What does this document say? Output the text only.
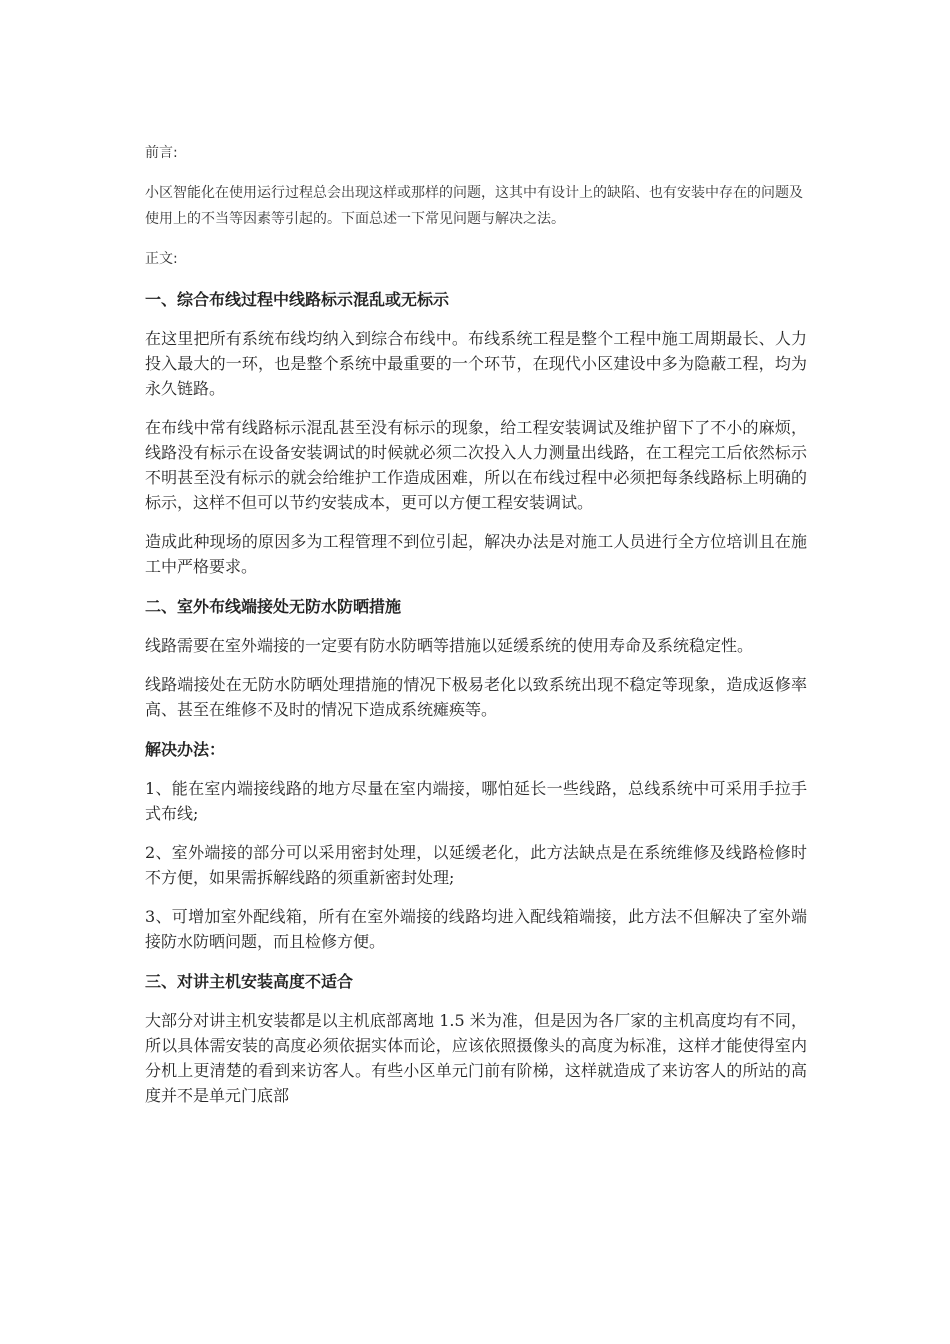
前言:

小区智能化在使用运行过程总会出现这样或那样的问题，这其中有设计上的缺陷、也有安装中存在的问题及使用上的不当等因素等引起的。下面总述一下常见问题与解决之法。

正文:

一、综合布线过程中线路标示混乱或无标示

在这里把所有系统布线均纳入到综合布线中。布线系统工程是整个工程中施工周期最长、人力投入最大的一环，也是整个系统中最重要的一个环节，在现代小区建设中多为隐蔽工程，均为永久链路。

在布线中常有线路标示混乱甚至没有标示的现象，给工程安装调试及维护留下了不小的麻烦，线路没有标示在设备安装调试的时候就必须二次投入人力测量出线路，在工程完工后依然标示不明甚至没有标示的就会给维护工作造成困难，所以在布线过程中必须把每条线路标上明确的标示，这样不但可以节约安装成本，更可以方便工程安装调试。

造成此种现场的原因多为工程管理不到位引起，解决办法是对施工人员进行全方位培训且在施工中严格要求。

二、室外布线端接处无防水防晒措施

线路需要在室外端接的一定要有防水防晒等措施以延缓系统的使用寿命及系统稳定性。

线路端接处在无防水防晒处理措施的情况下极易老化以致系统出现不稳定等现象，造成返修率高、甚至在维修不及时的情况下造成系统瘫痪等。

解决办法：

1、能在室内端接线路的地方尽量在室内端接，哪怕延长一些线路，总线系统中可采用手拉手式布线;

2、室外端接的部分可以采用密封处理，以延缓老化，此方法缺点是在系统维修及线路检修时不方便，如果需拆解线路的须重新密封处理;

3、可增加室外配线箱，所有在室外端接的线路均进入配线箱端接，此方法不但解决了室外端接防水防晒问题，而且检修方便。

三、对讲主机安装高度不适合

大部分对讲主机安装都是以主机底部离地 1.5 米为准，但是因为各厂家的主机高度均有不同，所以具体需安装的高度必须依据实体而论，应该依照摄像头的高度为标准，这样才能使得室内分机上更清楚的看到来访客人。有些小区单元门前有阶梯，这样就造成了来访客人的所站的高度并不是单元门底部
